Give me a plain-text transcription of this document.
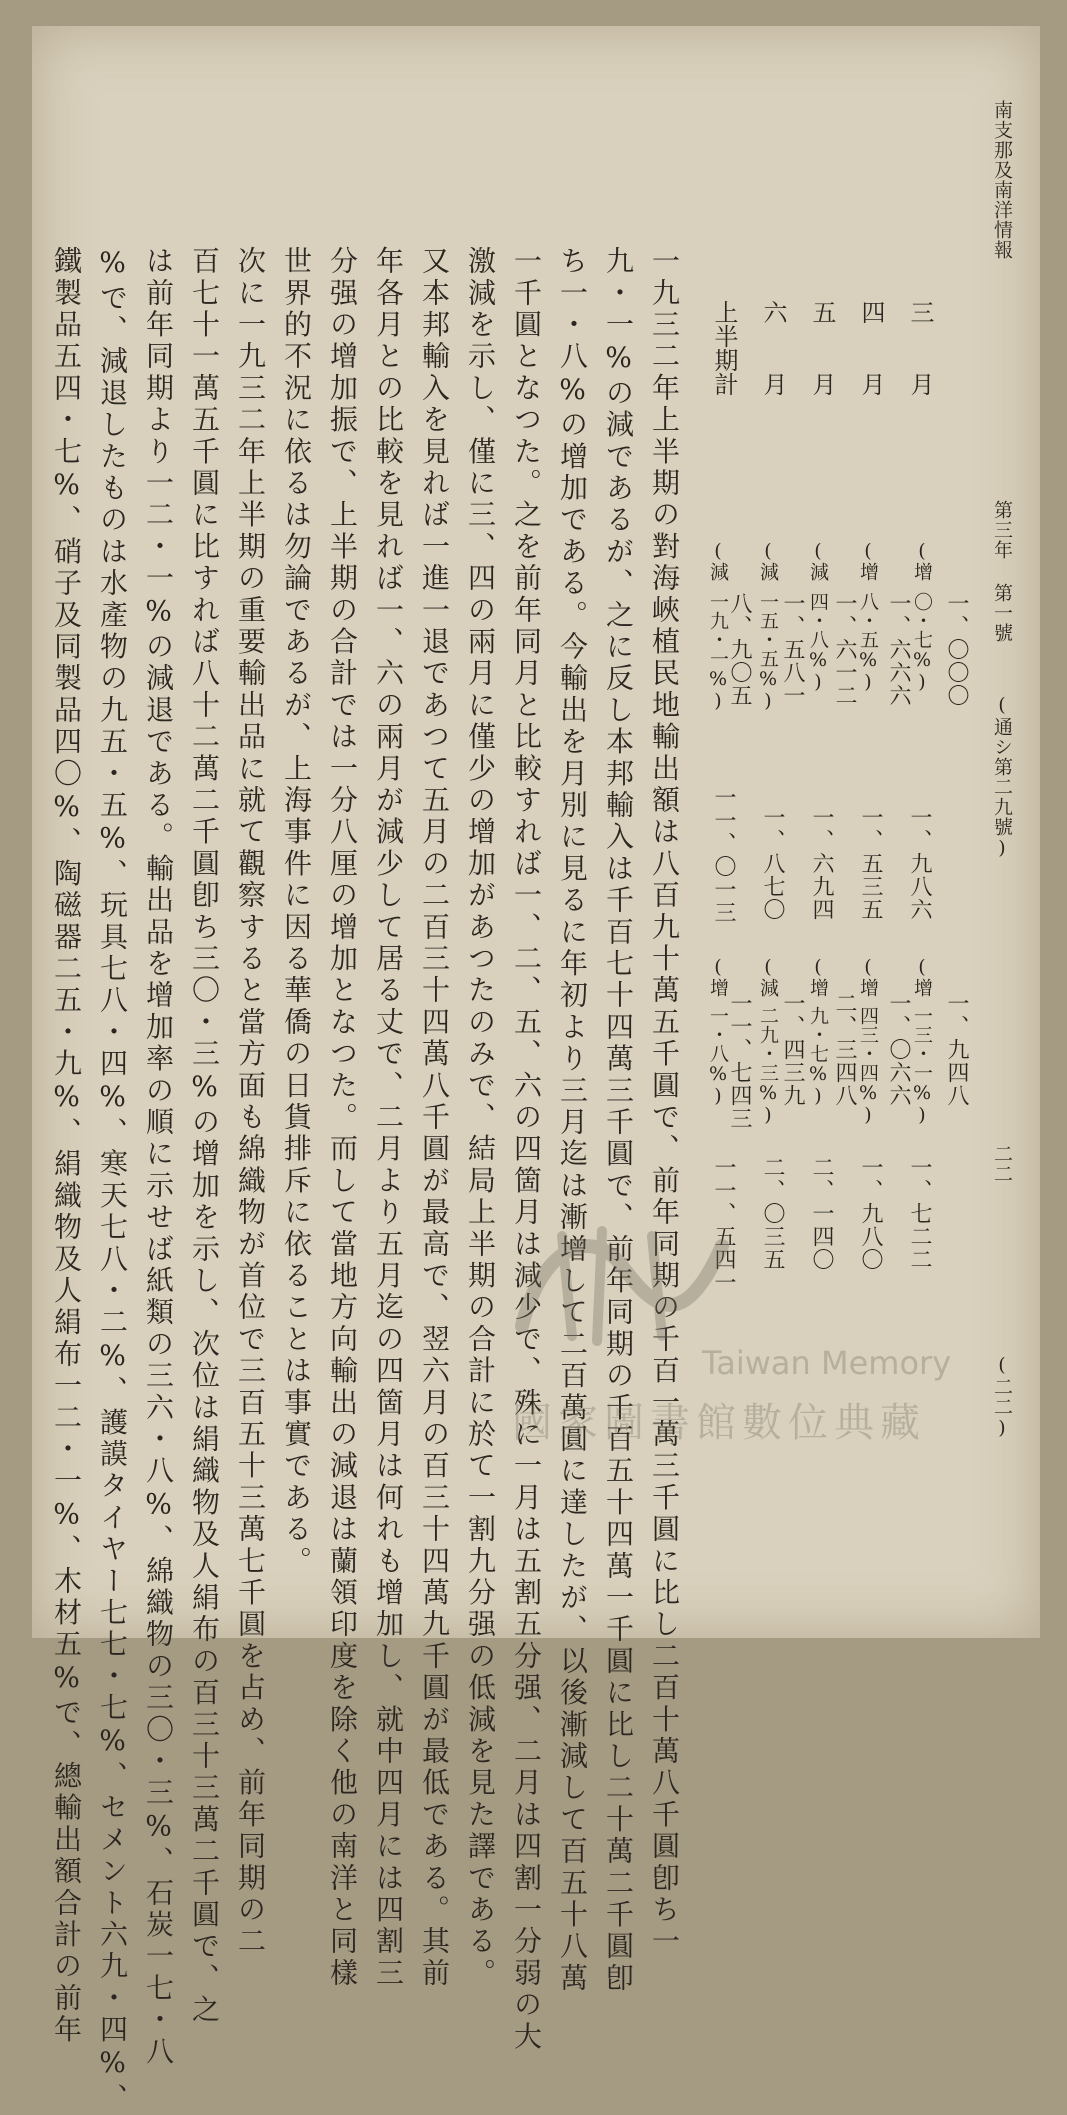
南支那及南洋情報
第三年 第一號
(通シ第二九號)
二二
(二二)
三　　月
一、〇〇〇
(增
〇・七%)
一、九八六
一、九四八
(增
一三・一%)
一、七二二
四　　月
一、六六六
(增
八・五%)
一、五三五
一、〇六六
(增
四三・四%)
一、九八〇
五　　月
一、六一二
(減
四・八%)
一、六九四
二、三四八
(增
九・七%)
二、一四〇
六　　月
一、五八一
(減
一五・五%)
一、八七〇
一、四三九
(減
二九・三%)
二、〇三五
上半期計
八、九〇五
(減
一九・一%)
一一、〇一三
一一、七四三
(增
一・八%)
一一、五四一
一九三二年上半期の對海峽植民地輸出額は八百九十萬五千圓で、前年同期の千百一萬三千圓に比し二百十萬八千圓卽ち一
九・一%の減であるが、之に反し本邦輸入は千百七十四萬三千圓で、前年同期の千百五十四萬一千圓に比し二十萬二千圓卽
ち一・八%の增加である。今輸出を月別に見るに年初より三月迄は漸增して二百萬圓に達したが、以後漸減して百五十八萬
一千圓となつた。之を前年同月と比較すれば一、二、五、六の四箇月は減少で、殊に一月は五割五分强、二月は四割一分弱の大
激減を示し、僅に三、四の兩月に僅少の增加があつたのみで、結局上半期の合計に於て一割九分强の低減を見た譯である。
又本邦輸入を見れば一進一退であつて五月の二百三十四萬八千圓が最高で、翌六月の百三十四萬九千圓が最低である。其前
年各月との比較を見れば一、六の兩月が減少して居る丈で、二月より五月迄の四箇月は何れも增加し、就中四月には四割三
分强の增加振で、上半期の合計では一分八厘の增加となつた。而して當地方向輸出の減退は蘭領印度を除く他の南洋と同樣
世界的不況に依るは勿論であるが、上海事件に因る華僑の日貨排斥に依ることは事實である。
次に一九三二年上半期の重要輸出品に就て觀察すると當方面も綿織物が首位で三百五十三萬七千圓を占め、前年同期の二
百七十一萬五千圓に比すれば八十二萬二千圓卽ち三〇・三%の增加を示し、次位は絹織物及人絹布の百三十三萬二千圓で、之
は前年同期より一二・一%の減退である。輸出品を增加率の順に示せば紙類の三六・八%、綿織物の三〇・三%、石炭一七・八
%で、減退したものは水產物の九五・五%、玩具七八・四%、寒天七八・二%、護謨タイヤー七七・七%、セメント六九・四%、
鐵製品五四・七%、硝子及同製品四〇%、陶磁器二五・九%、絹織物及人絹布一二・一%、木材五%で、總輸出額合計の前年	Taiwan Memory
國家圖書館數位典藏
